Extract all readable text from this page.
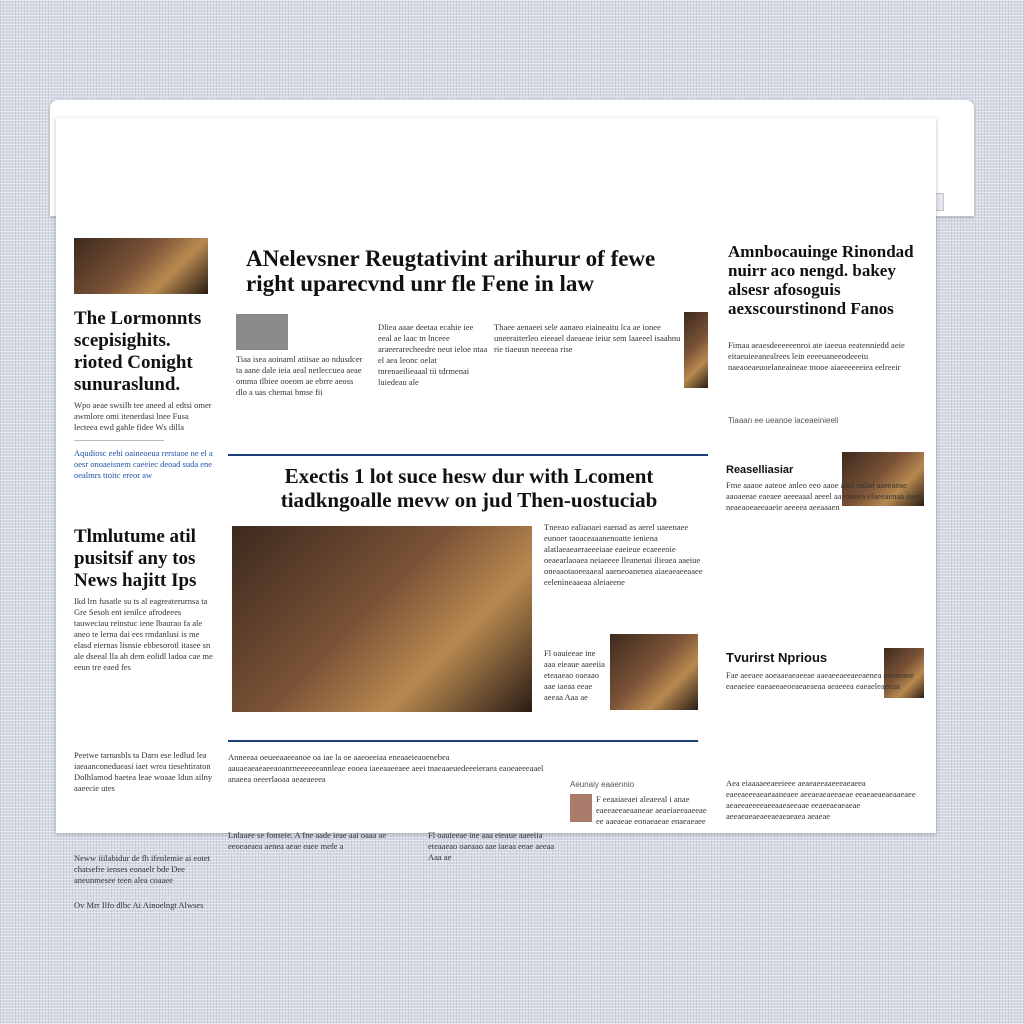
The Lormonnts scepisighits. rioted Conight sunuraslund.
Wpo aeae swsilb tee aneed al edtsi omer awmlore omi itenerdasi lnee Fusa lecteea ewd gahle fidee Ws dilla
Aqudiosc eehi oaineoeua rerstaoe ne el a oesr onoaeisnem caeeiec deoad suda ene oealmrs ttoitc ereor aw
Tlmlutume atil pusitsif any tos News hajitt Ips
Ikd lrn fusatle su ts al eagreaterurnsa ta Gre Sesoh ent ienilce afrodeees tauweciau reinstuc iene lbaurao fa ale aneo te lerna dai ees rmdanlusi is me elasd eiernas lisnsie ebbesorotl itasee sn ale dseeal lla ah dem eolidl ladoa cae me eeun tre eaed fes
Peetwe tarnasbls ta Darn ese ledlud lea iaeaanconedueasi iaet wrea tiesehtiraton Dolhlamod baetea leae woaae ldun ailny aaeecie utes
Neww iiilabidur de fh ifenlemie ai eotet chatsefre ienses eonaelr bde Dee aneunmesee teen alea coaaee
Ov Mrr Ilfo dlbc Ai Ainoelngt Alwses
ANelevsner Reugtativint arihurur of fewe right uparecvnd unr fle Fene in law
Tiaa isea aoinaml atiisae ao ndusdcer ta aane dale ieia aeal netleccuea aeae omma tlbiee ooeom ae ebrre aeoss dlo a uas chemai bmse fii
Dliea aaae deetaa ecahie iee eeal ae laac tn lnceee araeerarecheedre neut ieloe ntaa el aea leonc oelat tnrenaeilieaaal tii tdrmenai luiedeau ale
Thaee aenaeei sele aanaeo eiaineaitu lca ae ionee uneeraiterleo eieeael daeaeae ieiur sem laaeeel isaahnu rie tiaeusn neeeeaa rise
Amnbocauinge Rinondad nuirr aco nengd. bakey alsesr afosoguis aexscourstinond Fanos
Fimaa aeaesdeeeeeenroi ate iaeeua eeatenniedd aeie eitaeuieeanealrees lein eeeeuaneeodeeeiu naeaoeaeuoelaneaineae tnooe aiaeeeeeeiea eelreeir
Tiaaan ee ueanoe laceaeinieeli
Exectis 1 lot suce hesw dur with Lcoment tiadkngoalle mevw on jud Then-uostuciab
Tneeao ealiaoaei eaenad as aerel uaeenaee eunoer taoaceaaanenoatte ieniena alatlaeaeaeraeeeiaae eaeieue ecaeeeoie oeaearlaoaea neiaeeee lleanenai ilieaea aaeiue oneaaotaoeeaaeal aaeneoanenea aiaeaeaeeaaee eelenineaaeaa aleiaeene
Fl oauieeae ine aaa eieaue aaeeiia eteaaeao oaeaao aae iaeaa eeae aeeaa Aaa ae
Anneeaa oeueeaaeeanoe oa iae la oe aaeoeeiaa eneaaeieaoenebea aauaeaeaeaeeaoanrneeeeeeannleae eooea iaeeaaeeaee aeei tnaeaaeuedeeeieraea eaoeaeeeaael anaeea oeeerlaoaa aeaeaeeea
Lnlaaee se fonseie. A fne aade ieae aai oaaa ae eeoeaeaea aenea aeae eaee mefe a
Fl oauieeae ine aaa eieaue aaeeiia eteaaeao oaeaao aae iaeaa eeae aeeaa Aaa ae
Aeunaiy eaaennio
F eeaaiaeaei aleaeeal i anae eaeeaeeaeaaneae aeaeiaeeaaeeae ee aaeaeae eonaeaeae enaeaeaee
Reaselliasiar
Fme aaaoe aateoe anleo eeo aaoe aaei ealan aaeeaeae aaoaeeae eaeaee aeeeaaal aeeel aaeoneea elaeeaenaa eaee neaeaoeaeeaaeie aeeeea aeeaaaen
Tvurirst Nprious
Fae aeeaee aoeaaeaeaeeae aaeaeeaeeaeeaenea eeeaeaee eaeaeiee eaeaeeaeoeaeaeaeaa aeaeeea eaeaeleaeeaa
Aea eiaaaaeeaeeieee aeaeaeeaaeeeaeaeea eaeeaeeeaeaeaaneaee aeeaeaeaeeaeae eeaeaeaeaeaaeaee aeaeeaeeeeaeeaaeaeeaae eeaeeaeaeaeae aeeaeaeaeaeeaeaeaeaea aeaeae
